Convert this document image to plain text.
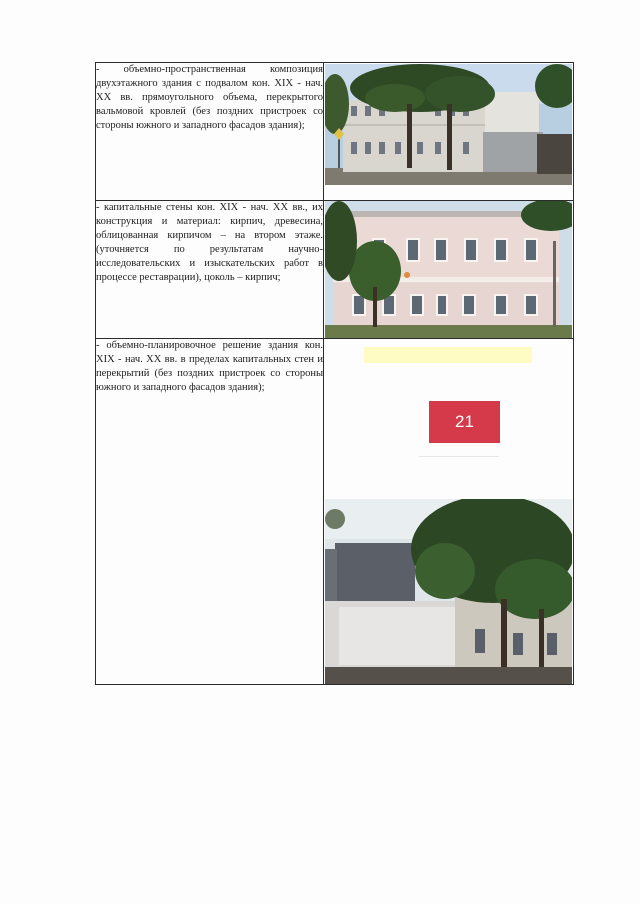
- объемно-пространственная композиция двухэтажного здания с подвалом кон. XIX - нач. XX вв. прямоугольного объема, перекрытого вальмовой кровлей (без поздних пристроек со стороны южного и западного фасадов здания);

- капитальные стены кон. XIX - нач. XX вв., их конструкция и материал: кирпич, древесина, облицованная кирпичом – на втором этаже. (уточняется по результатам научно-исследовательских и изыскательских работ в процессе реставрации), цоколь – кирпич;

- объемно-планировочное решение здания кон. XIX - нач. XX вв. в пределах капитальных стен и перекрытий (без поздних пристроек со стороны южного и западного фасадов здания);	21
